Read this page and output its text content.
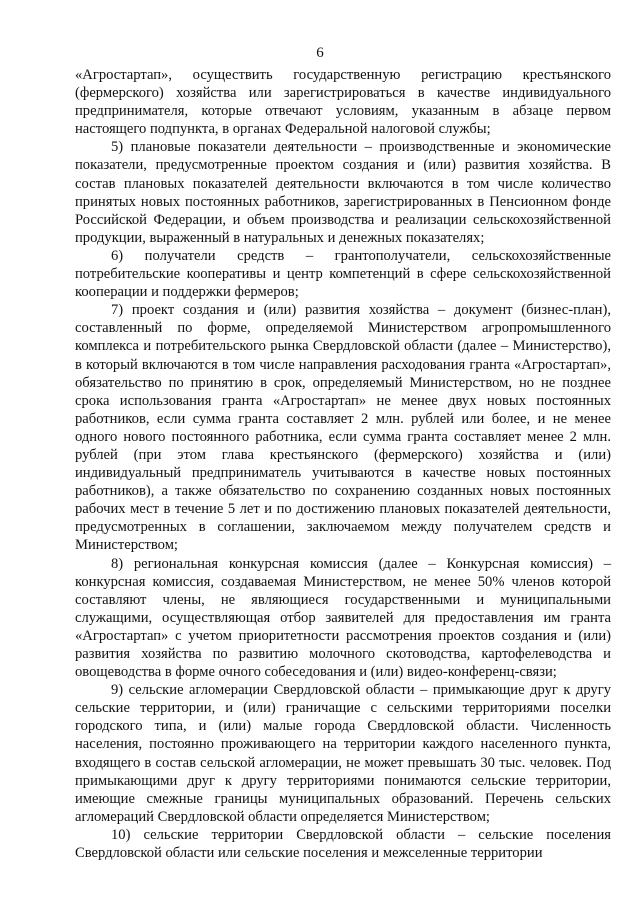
6

«Агростартап», осуществить государственную регистрацию крестьянского (фермерского) хозяйства или зарегистрироваться в качестве индивидуального предпринимателя, которые отвечают условиям, указанным в абзаце первом настоящего подпункта, в органах Федеральной налоговой службы;

5) плановые показатели деятельности – производственные и экономические показатели, предусмотренные проектом создания и (или) развития хозяйства. В состав плановых показателей деятельности включаются в том числе количество принятых новых постоянных работников, зарегистрированных в Пенсионном фонде Российской Федерации, и объем производства и реализации сельскохозяйственной продукции, выраженный в натуральных и денежных показателях;

6) получатели средств – грантополучатели, сельскохозяйственные потребительские кооперативы и центр компетенций в сфере сельскохозяйственной кооперации и поддержки фермеров;

7) проект создания и (или) развития хозяйства – документ (бизнес-план), составленный по форме, определяемой Министерством агропромышленного комплекса и потребительского рынка Свердловской области (далее – Министерство), в который включаются в том числе направления расходования гранта «Агростартап», обязательство по принятию в срок, определяемый Министерством, но не позднее срока использования гранта «Агростартап» не менее двух новых постоянных работников, если сумма гранта составляет 2 млн. рублей или более, и не менее одного нового постоянного работника, если сумма гранта составляет менее 2 млн. рублей (при этом глава крестьянского (фермерского) хозяйства и (или) индивидуальный предприниматель учитываются в качестве новых постоянных работников), а также обязательство по сохранению созданных новых постоянных рабочих мест в течение 5 лет и по достижению плановых показателей деятельности, предусмотренных в соглашении, заключаемом между получателем средств и Министерством;

8) региональная конкурсная комиссия (далее – Конкурсная комиссия) – конкурсная комиссия, создаваемая Министерством, не менее 50% членов которой составляют члены, не являющиеся государственными и муниципальными служащими, осуществляющая отбор заявителей для предоставления им гранта «Агростартап» с учетом приоритетности рассмотрения проектов создания и (или) развития хозяйства по развитию молочного скотоводства, картофелеводства и овощеводства в форме очного собеседования и (или) видео-конференц-связи;

9) сельские агломерации Свердловской области – примыкающие друг к другу сельские территории, и (или) граничащие с сельскими территориями поселки городского типа, и (или) малые города Свердловской области. Численность населения, постоянно проживающего на территории каждого населенного пункта, входящего в состав сельской агломерации, не может превышать 30 тыс. человек. Под примыкающими друг к другу территориями понимаются сельские территории, имеющие смежные границы муниципальных образований. Перечень сельских агломераций Свердловской области определяется Министерством;

10) сельские территории Свердловской области – сельские поселения Свердловской области или сельские поселения и межселенные территории
